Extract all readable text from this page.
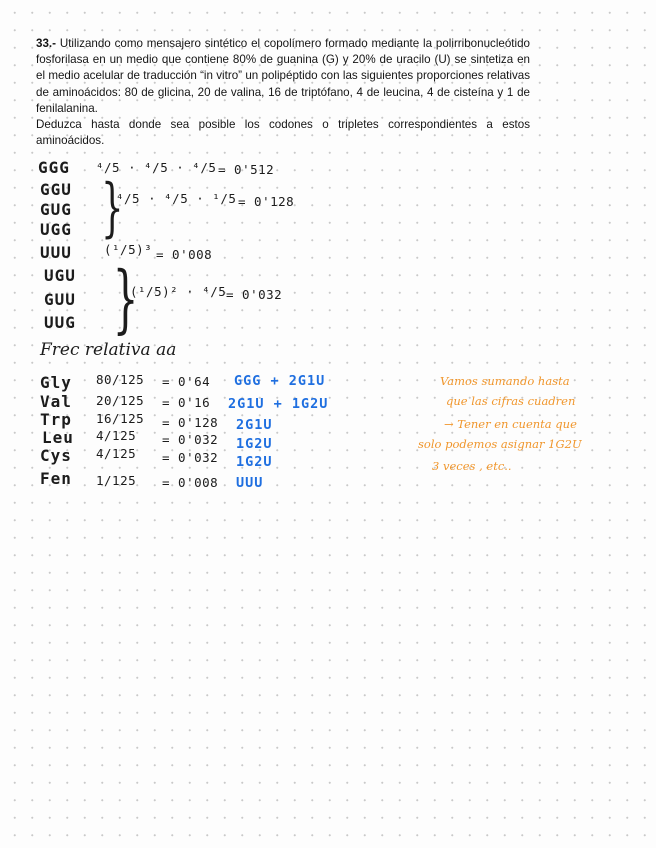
33.- Utilizando como mensajero sintético el copolímero formado mediante la polirribonucleótido fosforilasa en un medio que contiene 80% de guanina (G) y 20% de uracilo (U) se sintetiza en el medio acelular de traducción “in vitro” un polipéptido con las siguientes proporciones relativas de aminoácidos: 80 de glicina, 20 de valina, 16 de triptófano, 4 de leucina, 4 de cisteína y 1 de fenilalanina.

Deduzca hasta donde sea posible los codones o tripletes correspondientes a estos aminoácidos.

GGG ⁴/5 · ⁴/5 · ⁴/5 = 0'512
GGU
GUG
UGG }
⁴/5 · ⁴/5 · ¹/5 = 0'128
UUU	(¹/5)³ = 0'008
UGU
GUU
UUG }
(¹/5)² · ⁴/5 = 0'032
Frec relativa aa
Gly 80/125 = 0'64 GGG + 2G1U
Val 20/125 = 0'16 2G1U + 1G2U
Trp 16/125 = 0'128 2G1U
Leu 4/125 = 0'032 1G2U
Cys 4/125 = 0'032 1G2U
Fen 1/125 = 0'008 UUU
Vamos sumando hasta
que las cifras cuadren
→ Tener en cuenta que
solo podemos asignar 1G2U
3 veces , etc..
